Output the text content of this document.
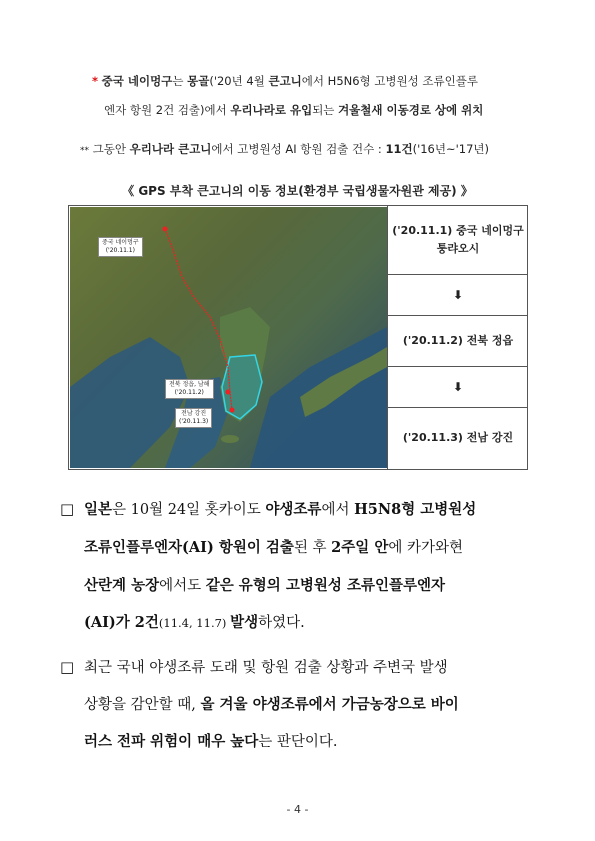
* 중국 네이멍구는 몽골('20년 4월 큰고니에서 H5N6형 고병원성 조류인플루
엔자 항원 2건 검출)에서 우리나라로 유입되는 겨울철새 이동경로 상에 위치
** 그동안 우리나라 큰고니에서 고병원성 AI 항원 검출 건수 : 11건('16년~'17년)
《 GPS 부착 큰고니의 이동 정보(환경부 국립생물자원관 제공) 》
중국 네이멍구
('20.11.1)
전북 정읍, 남해
('20.11.2)
전남 강진
('20.11.3)
('20.11.1) 중국 네이멍구
퉁랴오시
⬇
('20.11.2) 전북 정읍
⬇
('20.11.3) 전남 강진
□ 일본은 10월 24일 홋카이도 야생조류에서 H5N8형 고병원성
조류인플루엔자(AI) 항원이 검출된 후 2주일 안에 카가와현
산란계 농장에서도 같은 유형의 고병원성 조류인플루엔자
(AI)가 2건(11.4, 11.7) 발생하였다.
□ 최근 국내 야생조류 도래 및 항원 검출 상황과 주변국 발생
상황을 감안할 때, 올 겨울 야생조류에서 가금농장으로 바이
러스 전파 위험이 매우 높다는 판단이다.
- 4 -
